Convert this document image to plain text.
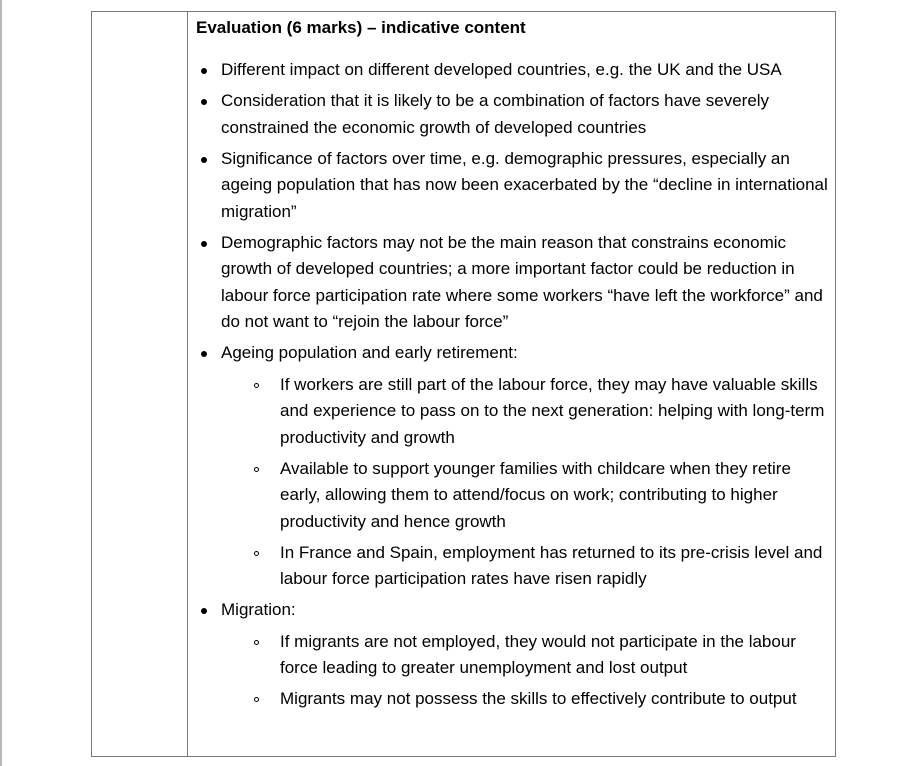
Evaluation (6 marks) – indicative content

Different impact on different developed countries, e.g. the UK and the USA
Consideration that it is likely to be a combination of factors have severely constrained the economic growth of developed countries
Significance of factors over time, e.g. demographic pressures, especially an ageing population that has now been exacerbated by the “decline in international migration”
Demographic factors may not be the main reason that constrains economic growth of developed countries; a more important factor could be reduction in labour force participation rate where some workers “have left the workforce” and do not want to “rejoin the labour force”
Ageing population and early retirement:
If workers are still part of the labour force, they may have valuable skills and experience to pass on to the next generation: helping with long-term productivity and growth
Available to support younger families with childcare when they retire early, allowing them to attend/focus on work; contributing to higher productivity and hence growth
In France and Spain, employment has returned to its pre-crisis level and labour force participation rates have risen rapidly
Migration:
If migrants are not employed, they would not participate in the labour force leading to greater unemployment and lost output
Migrants may not possess the skills to effectively contribute to output
